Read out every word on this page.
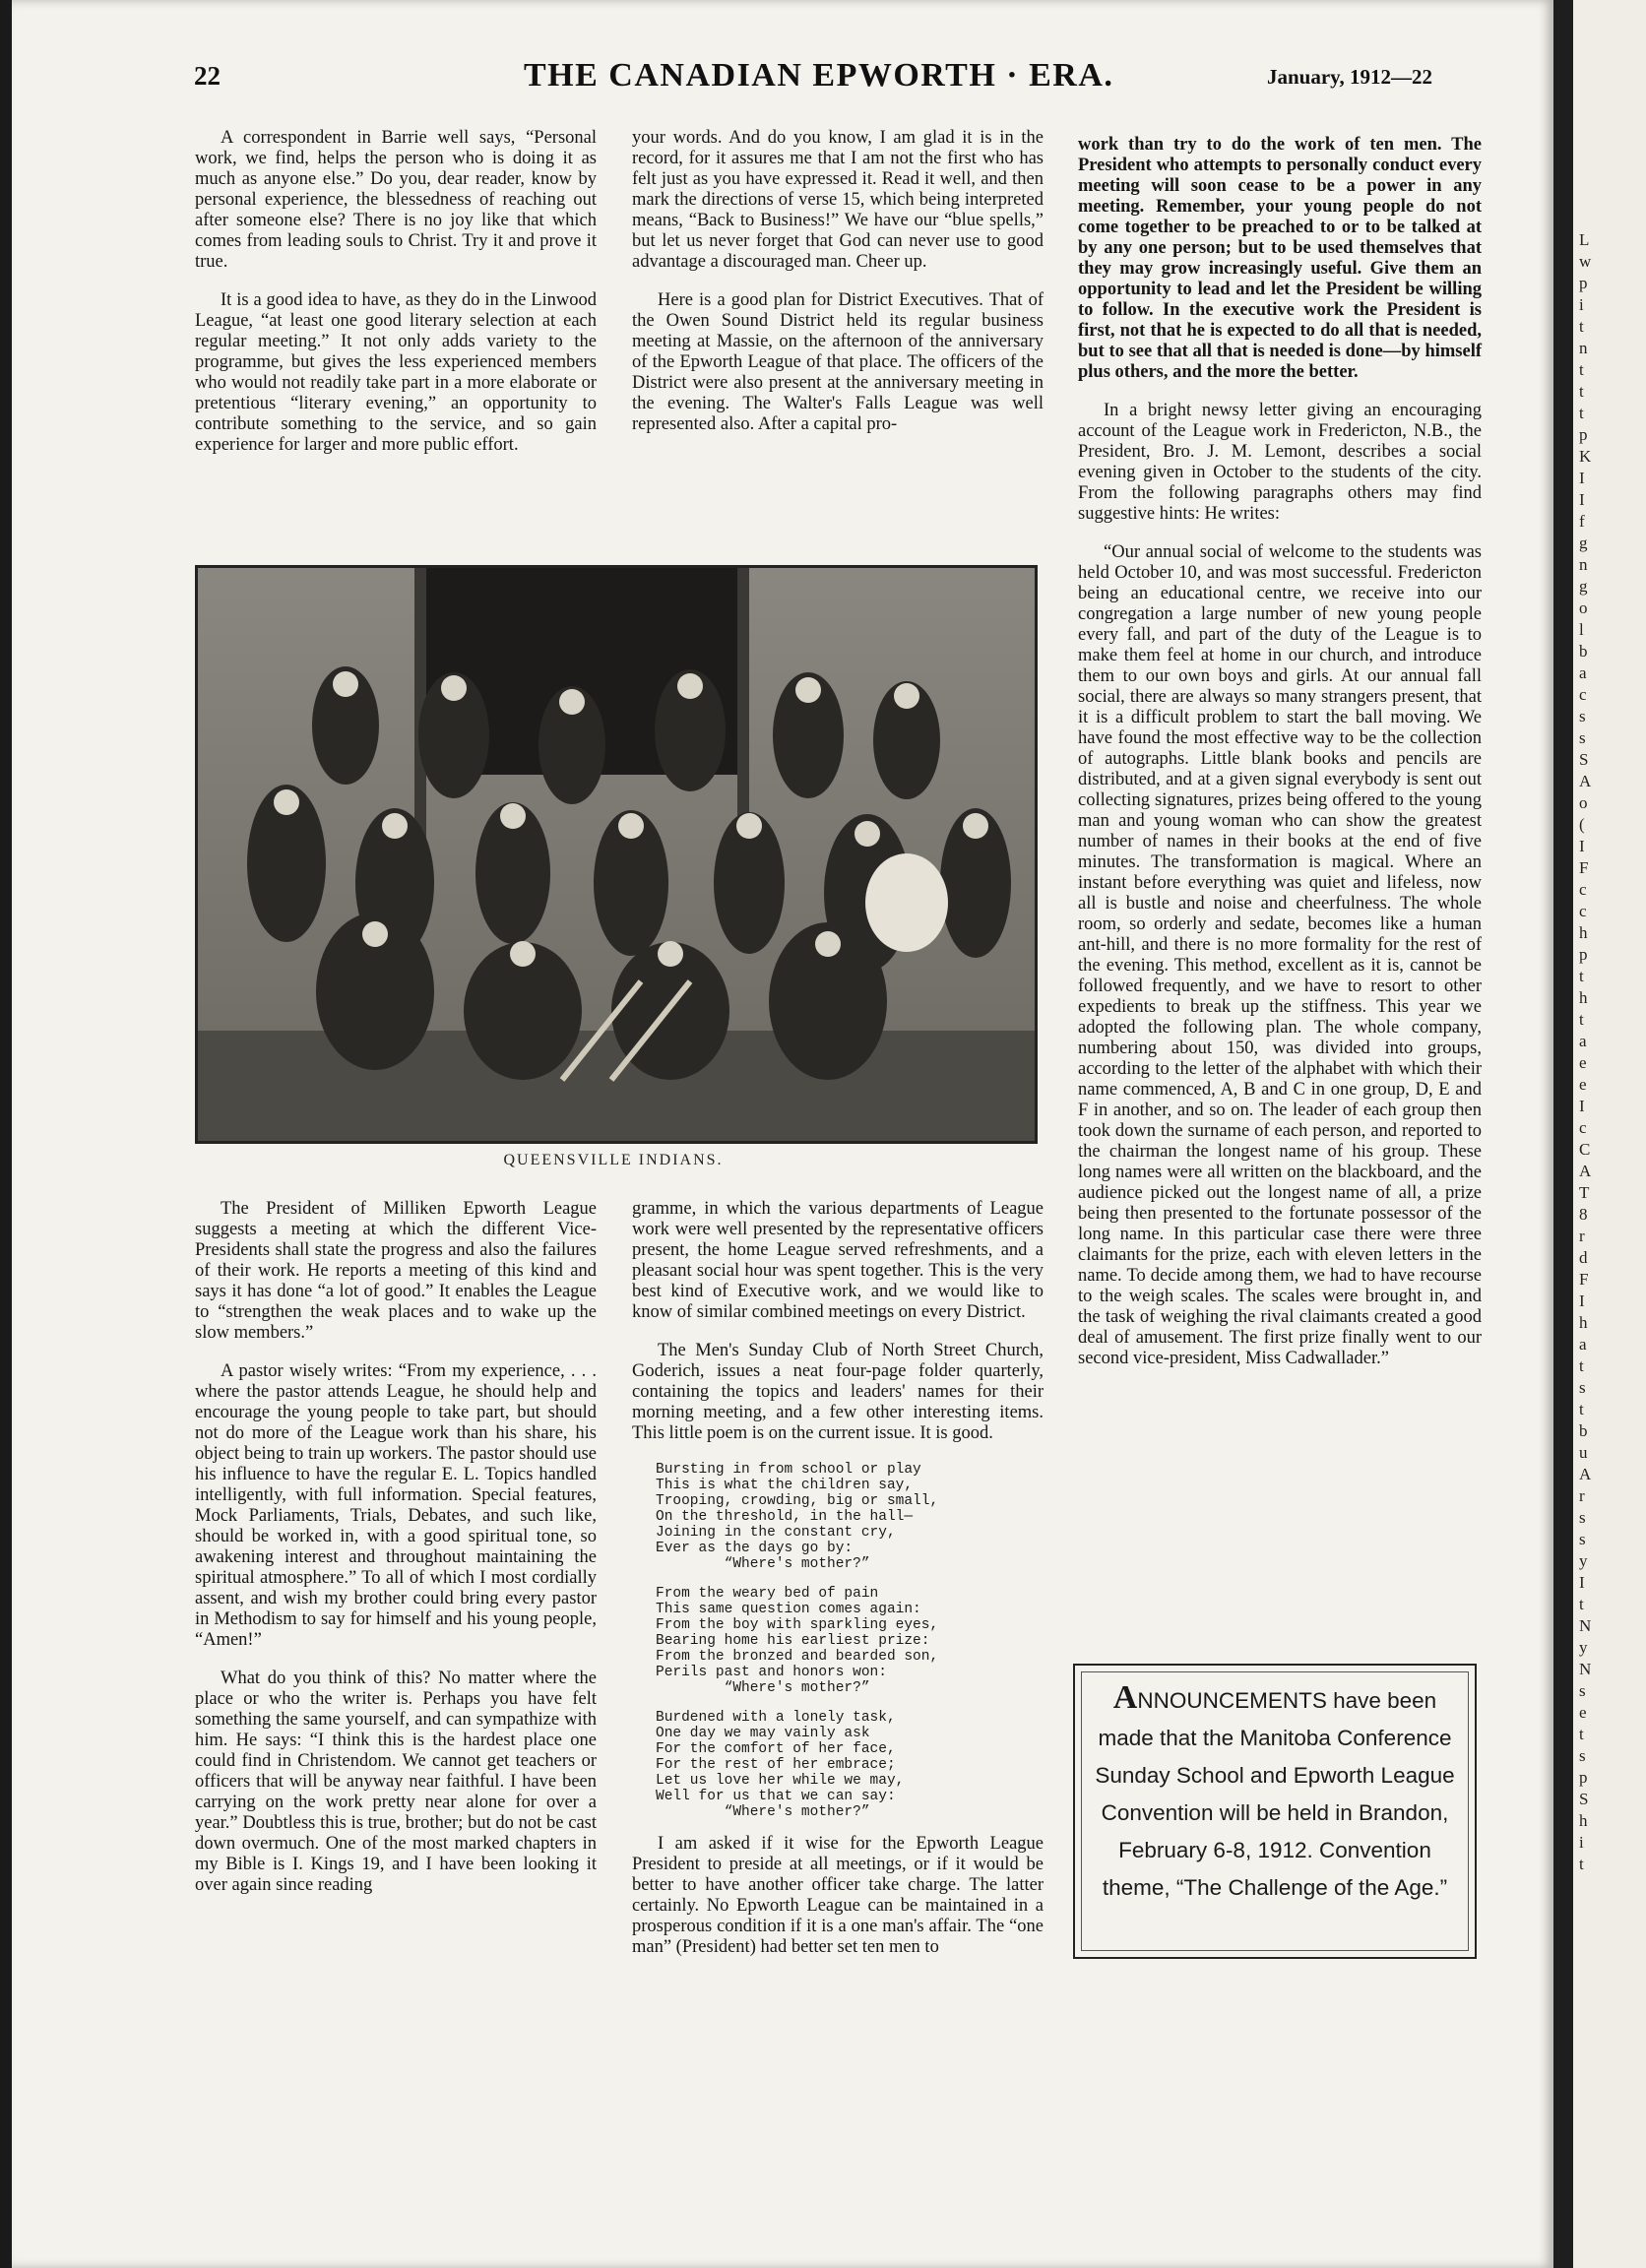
22	THE CANADIAN EPWORTH · ERA.	January, 1912—22

A correspondent in Barrie well says, “Personal work, we find, helps the person who is doing it as much as anyone else.” Do you, dear reader, know by personal experience, the blessedness of reaching out after someone else? There is no joy like that which comes from leading souls to Christ. Try it and prove it true.

It is a good idea to have, as they do in the Linwood League, “at least one good literary selection at each regular meeting.” It not only adds variety to the programme, but gives the less experienced members who would not readily take part in a more elaborate or pretentious “literary evening,” an opportunity to contribute something to the service, and so gain experience for larger and more public effort.

your words. And do you know, I am glad it is in the record, for it assures me that I am not the first who has felt just as you have expressed it. Read it well, and then mark the directions of verse 15, which being interpreted means, “Back to Business!” We have our “blue spells,” but let us never forget that God can never use to good advantage a discouraged man. Cheer up.

Here is a good plan for District Executives. That of the Owen Sound District held its regular business meeting at Massie, on the afternoon of the anniversary of the Epworth League of that place. The officers of the District were also present at the anniversary meeting in the evening. The Walter's Falls League was well represented also. After a capital pro-

work than try to do the work of ten men. The President who attempts to personally conduct every meeting will soon cease to be a power in any meeting. Remember, your young people do not come together to be preached to or to be talked at by any one person; but to be used themselves that they may grow increasingly useful. Give them an opportunity to lead and let the President be willing to follow. In the executive work the President is first, not that he is expected to do all that is needed, but to see that all that is needed is done—by himself plus others, and the more the better.

In a bright newsy letter giving an encouraging account of the League work in Fredericton, N.B., the President, Bro. J. M. Lemont, describes a social evening given in October to the students of the city. From the following paragraphs others may find suggestive hints: He writes:

“Our annual social of welcome to the students was held October 10, and was most successful. Fredericton being an educational centre, we receive into our congregation a large number of new young people every fall, and part of the duty of the League is to make them feel at home in our church, and introduce them to our own boys and girls. At our annual fall social, there are always so many strangers present, that it is a difficult problem to start the ball moving. We have found the most effective way to be the collection of autographs. Little blank books and pencils are distributed, and at a given signal everybody is sent out collecting signatures, prizes being offered to the young man and young woman who can show the greatest number of names in their books at the end of five minutes. The transformation is magical. Where an instant before everything was quiet and lifeless, now all is bustle and noise and cheerfulness. The whole room, so orderly and sedate, becomes like a human ant-hill, and there is no more formality for the rest of the evening. This method, excellent as it is, cannot be followed frequently, and we have to resort to other expedients to break up the stiffness. This year we adopted the following plan. The whole company, numbering about 150, was divided into groups, according to the letter of the alphabet with which their name commenced, A, B and C in one group, D, E and F in another, and so on. The leader of each group then took down the surname of each person, and reported to the chairman the longest name of his group. These long names were all written on the blackboard, and the audience picked out the longest name of all, a prize being then presented to the fortunate possessor of the long name. In this particular case there were three claimants for the prize, each with eleven letters in the name. To decide among them, we had to have recourse to the weigh scales. The scales were brought in, and the task of weighing the rival claimants created a good deal of amusement. The first prize finally went to our second vice-president, Miss Cadwallader.”

QUEENSVILLE INDIANS.

The President of Milliken Epworth League suggests a meeting at which the different Vice-Presidents shall state the progress and also the failures of their work. He reports a meeting of this kind and says it has done “a lot of good.” It enables the League to “strengthen the weak places and to wake up the slow members.”

A pastor wisely writes: “From my experience, . . . where the pastor attends League, he should help and encourage the young people to take part, but should not do more of the League work than his share, his object being to train up workers. The pastor should use his influence to have the regular E. L. Topics handled intelligently, with full information. Special features, Mock Parliaments, Trials, Debates, and such like, should be worked in, with a good spiritual tone, so awakening interest and throughout maintaining the spiritual atmosphere.” To all of which I most cordially assent, and wish my brother could bring every pastor in Methodism to say for himself and his young people, “Amen!”

What do you think of this? No matter where the place or who the writer is. Perhaps you have felt something the same yourself, and can sympathize with him. He says: “I think this is the hardest place one could find in Christendom. We cannot get teachers or officers that will be anyway near faithful. I have been carrying on the work pretty near alone for over a year.” Doubtless this is true, brother; but do not be cast down overmuch. One of the most marked chapters in my Bible is I. Kings 19, and I have been looking it over again since reading

gramme, in which the various departments of League work were well presented by the representative officers present, the home League served refreshments, and a pleasant social hour was spent together. This is the very best kind of Executive work, and we would like to know of similar combined meetings on every District.

The Men's Sunday Club of North Street Church, Goderich, issues a neat four-page folder quarterly, containing the topics and leaders' names for their morning meeting, and a few other interesting items. This little poem is on the current issue. It is good.

Bursting in from school or play
This is what the children say,
Trooping, crowding, big or small,
On the threshold, in the hall—
Joining in the constant cry,
Ever as the days go by:
“Where's mother?”
From the weary bed of pain
This same question comes again:
From the boy with sparkling eyes,
Bearing home his earliest prize:
From the bronzed and bearded son,
Perils past and honors won:
“Where's mother?”
Burdened with a lonely task,
One day we may vainly ask
For the comfort of her face,
For the rest of her embrace;
Let us love her while we may,
Well for us that we can say:
“Where's mother?”

I am asked if it wise for the Epworth League President to preside at all meetings, or if it would be better to have another officer take charge. The latter certainly. No Epworth League can be maintained in a prosperous condition if it is a one man's affair. The “one man” (President) had better set ten men to

ANNOUNCEMENTS have been made that the Manitoba Conference Sunday School and Epworth League Convention will be held in Brandon, February 6-8, 1912. Convention theme, “The Challenge of the Age.”
L
w
p
i
t
n
t
t
t
p
K
I
I
f
g
n
g
o
l
b
a
c
s
s
S
A
o
(
I
F
c
c
h
p
t
h
t
a
e
e
I
c
C
A
T
8
r
d
F
I
h
a
t
s
t
b
u
A
r
s
s
y
I
t
N
y
N
s
e
t
s
p
S
h
i
t
